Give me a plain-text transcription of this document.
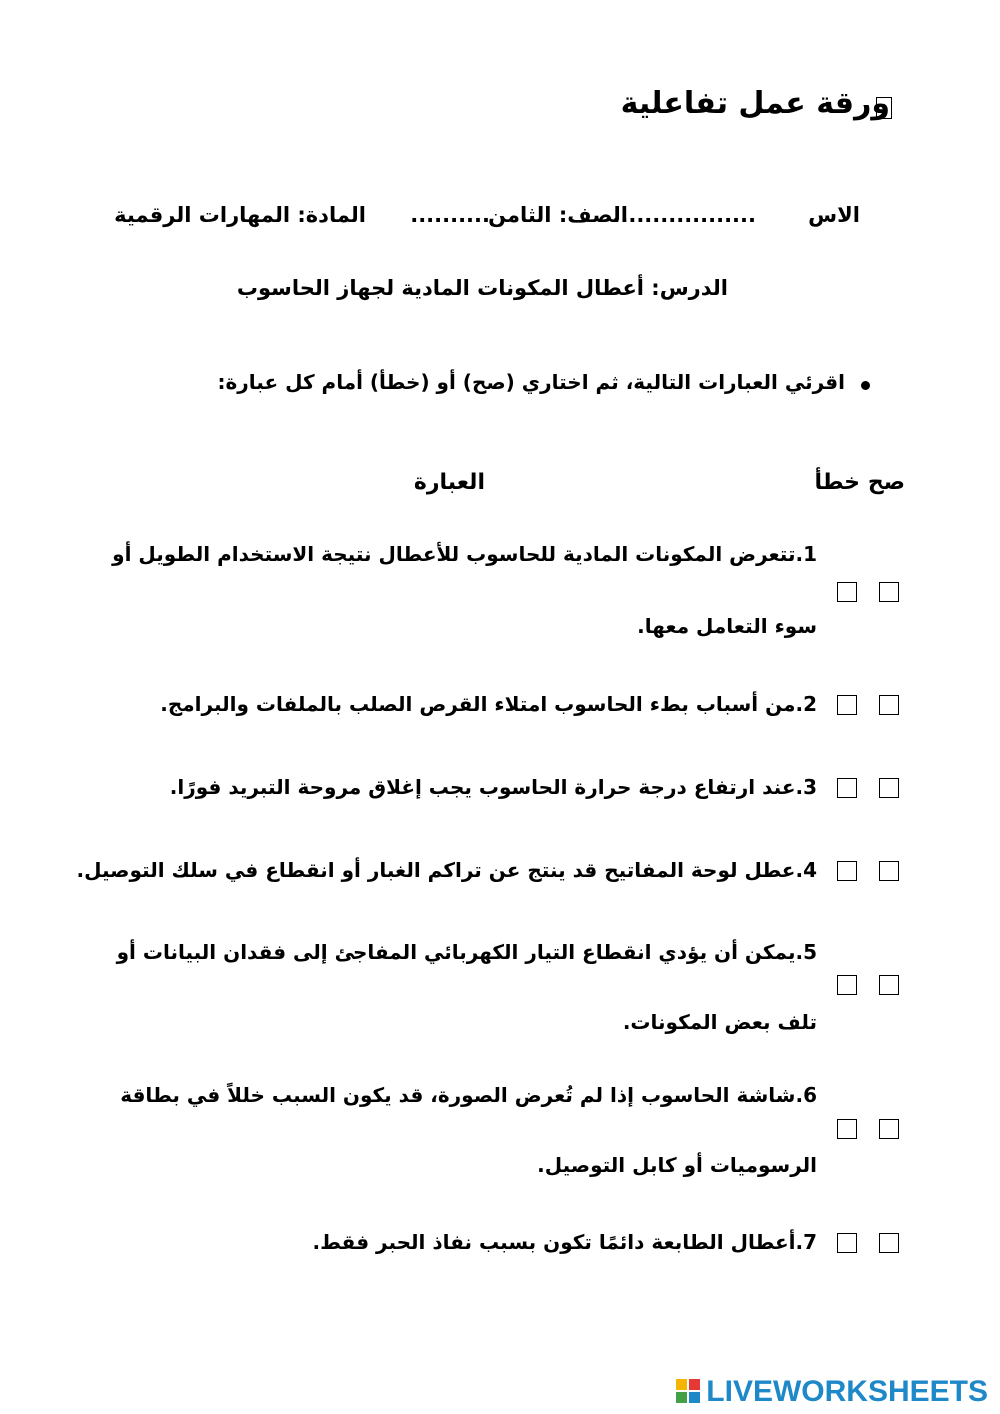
ورقة عمل تفاعلية
الاس
..................
الصف: الثامن
..........
المادة: المهارات الرقمية
الدرس: أعطال المكونات المادية لجهاز الحاسوب
اقرئي العبارات التالية، ثم اختاري (صح) أو (خطأ) أمام كل عبارة:
صح
خطأ
العبارة
1.تتعرض المكونات المادية للحاسوب للأعطال نتيجة الاستخدام الطويل أو
سوء التعامل معها.
2.من أسباب بطء الحاسوب امتلاء القرص الصلب بالملفات والبرامج.
3.عند ارتفاع درجة حرارة الحاسوب يجب إغلاق مروحة التبريد فورًا.
4.عطل لوحة المفاتيح قد ينتج عن تراكم الغبار أو انقطاع في سلك التوصيل.
5.يمكن أن يؤدي انقطاع التيار الكهربائي المفاجئ إلى فقدان البيانات أو
تلف بعض المكونات.
6.شاشة الحاسوب إذا لم تُعرض الصورة، قد يكون السبب خللاً في بطاقة
الرسوميات أو كابل التوصيل.
7.أعطال الطابعة دائمًا تكون بسبب نفاذ الحبر فقط.
LIVEWORKSHEETS
